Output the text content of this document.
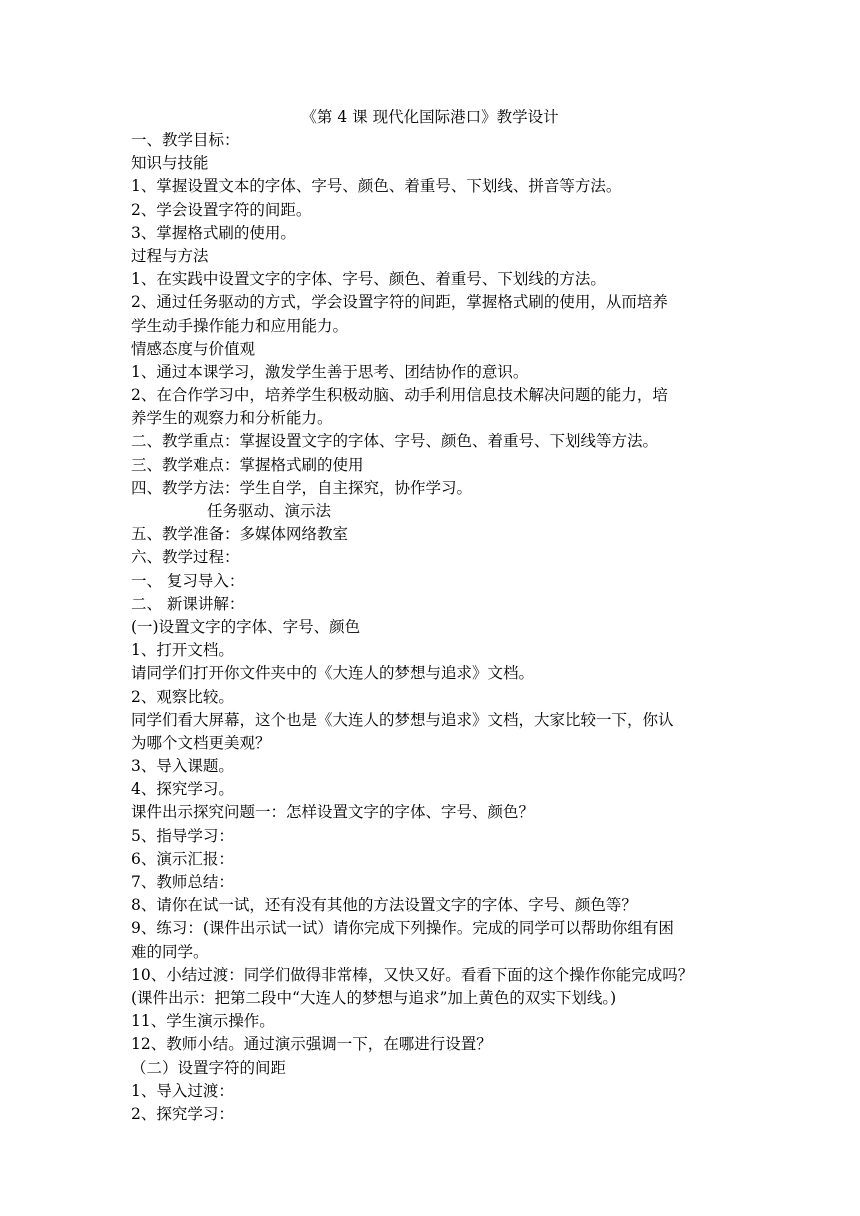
《第 4 课 现代化国际港口》教学设计
一、教学目标：
知识与技能
1、掌握设置文本的字体、字号、颜色、着重号、下划线、拼音等方法。
2、学会设置字符的间距。
3、掌握格式刷的使用。
过程与方法
1、在实践中设置文字的字体、字号、颜色、着重号、下划线的方法。
2、通过任务驱动的方式，学会设置字符的间距，掌握格式刷的使用，从而培养
学生动手操作能力和应用能力。
情感态度与价值观
1、通过本课学习，激发学生善于思考、团结协作的意识。
2、在合作学习中，培养学生积极动脑、动手利用信息技术解决问题的能力，培
养学生的观察力和分析能力。
二、教学重点：掌握设置文字的字体、字号、颜色、着重号、下划线等方法。
三、教学难点：掌握格式刷的使用
四、教学方法：学生自学，自主探究，协作学习。
任务驱动、演示法
五、教学准备：多媒体网络教室
六、教学过程：
一、 复习导入：
二、 新课讲解：
(一)设置文字的字体、字号、颜色
1、打开文档。
请同学们打开你文件夹中的《大连人的梦想与追求》文档。
2、观察比较。
同学们看大屏幕，这个也是《大连人的梦想与追求》文档，大家比较一下，你认
为哪个文档更美观？
3、导入课题。
4、探究学习。
课件出示探究问题一：怎样设置文字的字体、字号、颜色？
5、指导学习：
6、演示汇报：
7、教师总结：
8、请你在试一试，还有没有其他的方法设置文字的字体、字号、颜色等？
9、练习：(课件出示试一试）请你完成下列操作。完成的同学可以帮助你组有困
难的同学。
10、小结过渡：同学们做得非常棒，又快又好。看看下面的这个操作你能完成吗？
(课件出示：把第二段中“大连人的梦想与追求”加上黄色的双实下划线。)
11、学生演示操作。
12、教师小结。通过演示强调一下，在哪进行设置？
（二）设置字符的间距
1、导入过渡：
2、探究学习：
